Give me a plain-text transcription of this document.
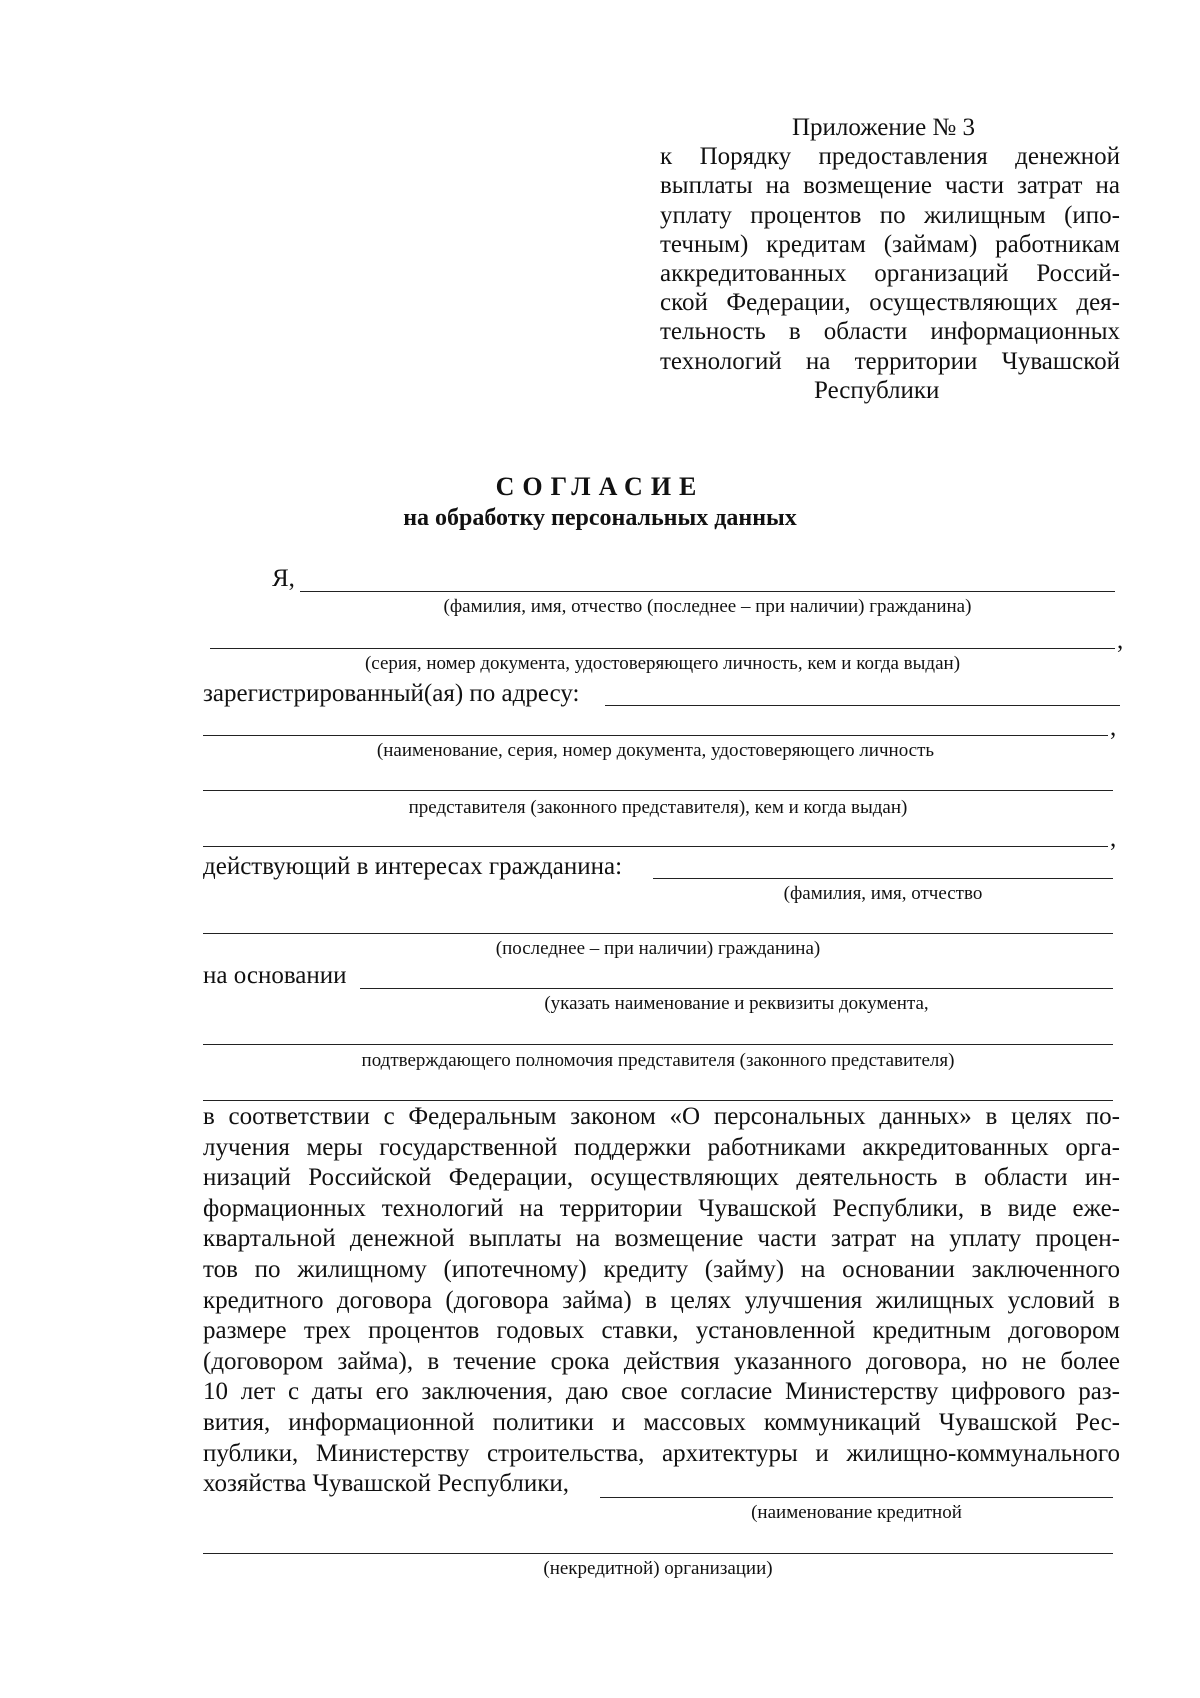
Приложение № 3
к Порядку предоставления денежной
выплаты на возмещение части затрат на
уплату процентов по жилищным (ипо-
течным) кредитам (займам) работникам
аккредитованных организаций Россий-
ской Федерации, осуществляющих дея-
тельность в области информационных
технологий на территории Чувашской
Республики
СОГЛАСИЕ
на обработку персональных данных
Я,
(фамилия, имя, отчество (последнее – при наличии) гражданина)
,
(серия, номер документа, удостоверяющего личность, кем и когда выдан)
зарегистрированный(ая) по адресу:
,
(наименование, серия, номер документа, удостоверяющего личность
представителя (законного представителя), кем и когда выдан)
,
действующий в интересах гражданина:
(фамилия, имя, отчество
(последнее – при наличии) гражданина)
на основании
(указать наименование и реквизиты документа,
подтверждающего полномочия представителя (законного представителя)
в соответствии с Федеральным законом «О персональных данных» в целях по-
лучения меры государственной поддержки работниками аккредитованных орга-
низаций Российской Федерации, осуществляющих деятельность в области ин-
формационных технологий на территории Чувашской Республики, в виде еже-
квартальной денежной выплаты на возмещение части затрат на уплату процен-
тов по жилищному (ипотечному) кредиту (займу) на основании заключенного
кредитного договора (договора займа) в целях улучшения жилищных условий в
размере трех процентов годовых ставки, установленной кредитным договором
(договором займа), в течение срока действия указанного договора, но не более
10 лет с даты его заключения, даю свое согласие Министерству цифрового раз-
вития, информационной политики и массовых коммуникаций Чувашской Рес-
публики, Министерству строительства, архитектуры и жилищно-коммунального
хозяйства Чувашской Республики,
(наименование кредитной
(некредитной) организации)
